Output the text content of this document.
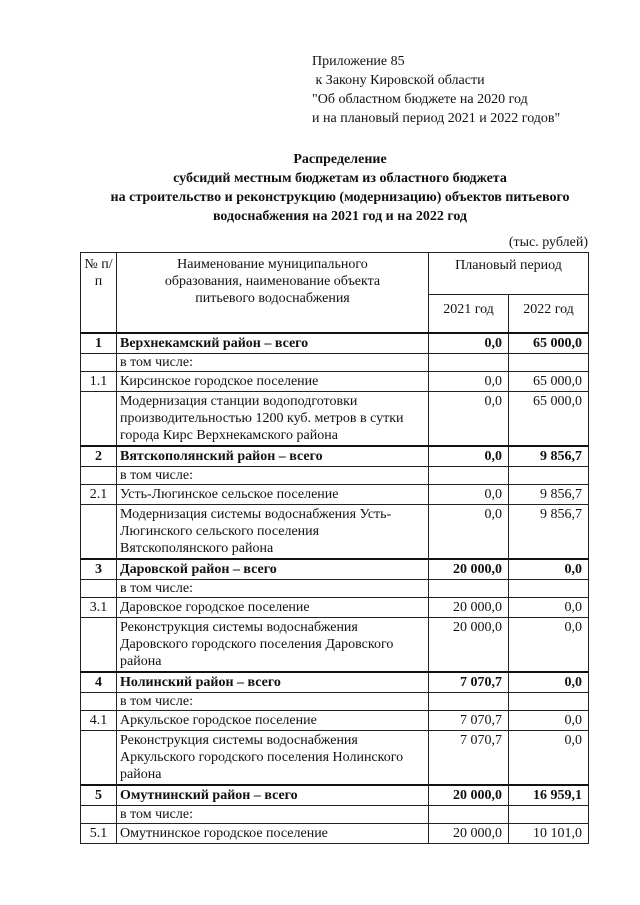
Приложение 85
к Закону Кировской области
"Об областном бюджете на 2020 год
и на плановый период 2021 и 2022 годов"
Распределение
субсидий местным бюджетам из областного бюджета
на строительство и реконструкцию (модернизацию) объектов питьевого
водоснабжения на 2021 год и на 2022 год
(тыс. рублей)
№ п/п	Наименование муниципального образования, наименование объекта питьевого водоснабжения	Плановый период	
		2021 год	2022 год
1	Верхнекамский район – всего	0,0	65 000,0
	в том числе:		
1.1	Кирсинское городское поселение	0,0	65 000,0
	Модернизация станции водоподготовки производительностью 1200 куб. метров в сутки города Кирс Верхнекамского района	0,0	65 000,0
2	Вятскополянский район – всего	0,0	9 856,7
	в том числе:		
2.1	Усть-Люгинское сельское поселение	0,0	9 856,7
	Модернизация системы водоснабжения Усть-Люгинского сельского поселения Вятскополянского района	0,0	9 856,7
3	Даровской район – всего	20 000,0	0,0
	в том числе:		
3.1	Даровское городское поселение	20 000,0	0,0
	Реконструкция системы водоснабжения Даровского городского поселения Даровского района	20 000,0	0,0
4	Нолинский район – всего	7 070,7	0,0
	в том числе:		
4.1	Аркульское городское поселение	7 070,7	0,0
	Реконструкция системы водоснабжения Аркульского городского поселения Нолинского района	7 070,7	0,0
5	Омутнинский район – всего	20 000,0	16 959,1
	в том числе:		
5.1	Омутнинское городское поселение	20 000,0	10 101,0
